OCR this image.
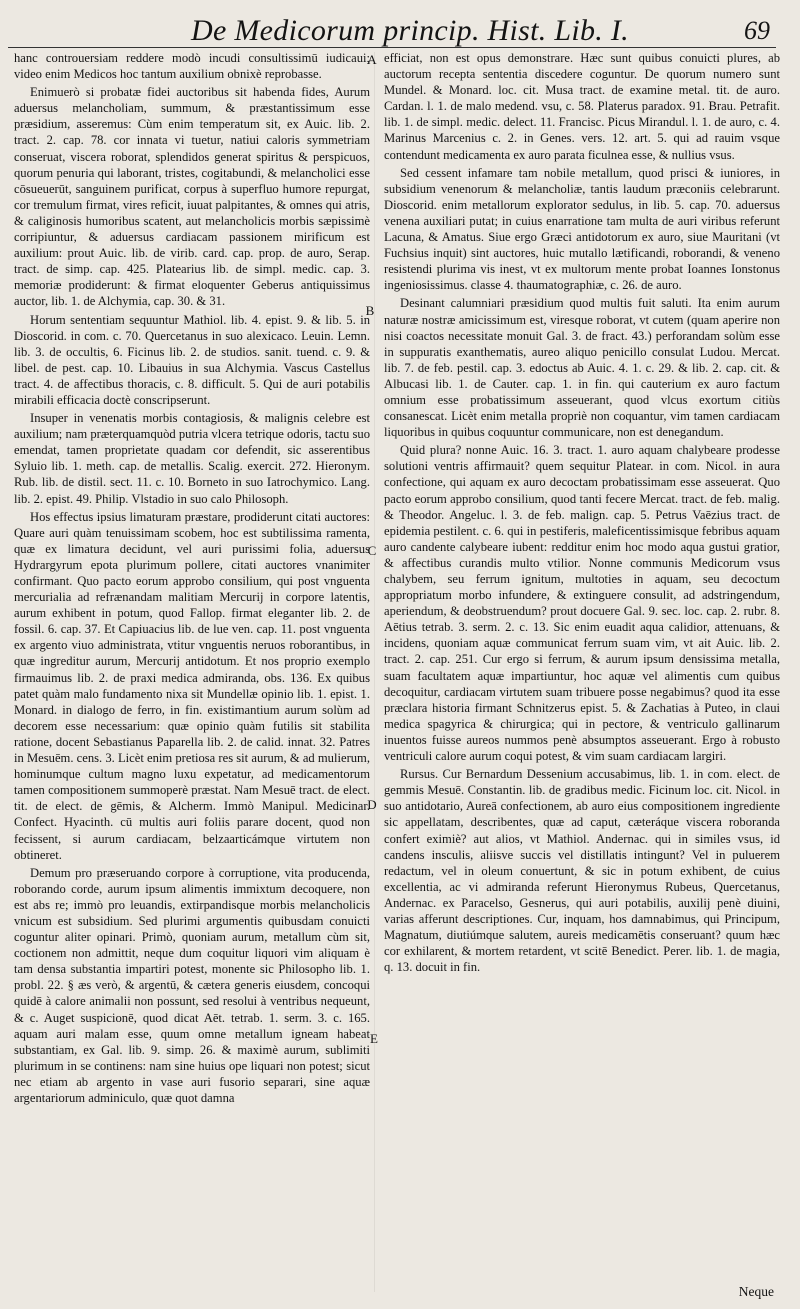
De Medicorum princip. Hist. Lib. I.	69

hanc controuersiam reddere modò incudi consultissimū iudicaui; video enim Medicos hoc tantum auxilium obnixè reprobasse.

Enimuerò si probatæ fidei auctoribus sit habenda fides, Aurum aduersus melancholiam, summum, & præstantissimum esse præsidium, asseremus: Cùm enim temperatum sit, ex Auic. lib. 2. tract. 2. cap. 78. cor innata vi tuetur, natiui caloris symmetriam conseruat, viscera roborat, splendidos generat spiritus & perspicuos, quorum penuria qui laborant, tristes, cogitabundi, & melancholici esse cōsueuerūt, sanguinem purificat, corpus à superfluo humore repurgat, cor tremulum firmat, vires reficit, iuuat palpitantes, & omnes qui atris, & caliginosis humoribus scatent, aut melancholicis morbis sæpissimè corripiuntur, & aduersus cardiacam passionem mirificum est auxilium: prout Auic. lib. de virib. card. cap. prop. de auro, Serap. tract. de simp. cap. 425. Platearius lib. de simpl. medic. cap. 3. memoriæ prodiderunt: & firmat eloquenter Geberus antiquissimus auctor, lib. 1. de Alchymia, cap. 30. & 31.

Horum sententiam sequuntur Mathiol. lib. 4. epist. 9. & lib. 5. in Dioscorid. in com. c. 70. Quercetanus in suo alexicaco. Leuin. Lemn. lib. 3. de occultis, 6. Ficinus lib. 2. de studios. sanit. tuend. c. 9. & libel. de pest. cap. 10. Libauius in sua Alchymia. Vascus Castellus tract. 4. de affectibus thoracis, c. 8. difficult. 5. Qui de auri potabilis mirabili efficacia doctè conscripserunt.

Insuper in venenatis morbis contagiosis, & malignis celebre est auxilium; nam præterquamquòd putria vlcera tetrique odoris, tactu suo emendat, tamen proprietate quadam cor defendit, sic asserentibus Syluio lib. 1. meth. cap. de metallis. Scalig. exercit. 272. Hieronym. Rub. lib. de distil. sect. 11. c. 10. Borneto in suo Iatrochymico. Lang. lib. 2. epist. 49. Philip. Vlstadio in suo calo Philosoph.

Hos effectus ipsius limaturam præstare, prodiderunt citati auctores: Quare auri quàm tenuissimam scobem, hoc est subtilissima ramenta, quæ ex limatura decidunt, vel auri purissimi folia, aduersus Hydrargyrum epota plurimum pollere, citati auctores vnanimiter confirmant. Quo pacto eorum approbo consilium, qui post vnguenta mercurialia ad refrænandam malitiam Mercurij in corpore latentis, aurum exhibent in potum, quod Fallop. firmat eleganter lib. 2. de fossil. 6. cap. 37. Et Capiuacius lib. de lue ven. cap. 11. post vnguenta ex argento viuo administrata, vtitur vnguentis neruos roborantibus, in quæ ingreditur aurum, Mercurij antidotum. Et nos proprio exemplo firmauimus lib. 2. de praxi medica admiranda, obs. 136. Ex quibus patet quàm malo fundamento nixa sit Mundellæ opinio lib. 1. epist. 1. Monard. in dialogo de ferro, in fin. existimantium aurum solùm ad decorem esse necessarium: quæ opinio quàm futilis sit stabilita ratione, docent Sebastianus Paparella lib. 2. de calid. innat. 32. Patres in Mesuēm. cens. 3. Licèt enim pretiosa res sit aurum, & ad mulierum, hominumque cultum magno luxu expetatur, ad medicamentorum tamen compositionem summoperè præstat. Nam Mesuē tract. de elect. tit. de elect. de gēmis, & Alcherm. Immò Manipul. Medicinar. Confect. Hyacinth. cū multis auri foliis parare docent, quod non fecissent, si aurum cardiacam, belzaarticámque virtutem non obtineret.

Demum pro præseruando corpore à corruptione, vita producenda, roborando corde, aurum ipsum alimentis immixtum decoquere, non est abs re; immò pro leuandis, extirpandisque morbis melancholicis vnicum est subsidium. Sed plurimi argumentis quibusdam conuicti coguntur aliter opinari. Primò, quoniam aurum, metallum cùm sit, coctionem non admittit, neque dum coquitur liquori vim aliquam è tam densa substantia impartiri potest, monente sic Philosopho lib. 1. probl. 22. § æs verò, & argentū, & cætera generis eiusdem, concoqui quidē à calore animalii non possunt, sed resolui à ventribus nequeunt, & c. Auget suspicionē, quod dicat Aēt. tetrab. 1. serm. 3. c. 165. aquam auri malam esse, quum omne metallum igneam habeat substantiam, ex Gal. lib. 9. simp. 26. & maximè aurum, sublimiti plurimum in se continens: nam sine huius ope liquari non potest; sicut nec etiam ab argento in vase auri fusorio separari, sine aquæ argentariorum adminiculo, quæ quot damna

efficiat, non est opus demonstrare. Hæc sunt quibus conuicti plures, ab auctorum recepta sententia discedere coguntur. De quorum numero sunt Mundel. & Monard. loc. cit. Musa tract. de examine metal. tit. de auro. Cardan. l. 1. de malo medend. vsu, c. 58. Platerus paradox. 91. Brau. Petrafit. lib. 1. de simpl. medic. delect. 11. Francisc. Picus Mirandul. l. 1. de auro, c. 4. Marinus Marcenius c. 2. in Genes. vers. 12. art. 5. qui ad rauim vsque contendunt medicamenta ex auro parata ficulnea esse, & nullius vsus.

Sed cessent infamare tam nobile metallum, quod prisci & iuniores, in subsidium venenorum & melancholiæ, tantis laudum præconiis celebrarunt. Dioscorid. enim metallorum explorator sedulus, in lib. 5. cap. 70. aduersus venena auxiliari putat; in cuius enarratione tam multa de auri viribus referunt Lacuna, & Amatus. Siue ergo Græci antidotorum ex auro, siue Mauritani (vt Fuchsius inquit) sint auctores, huic mutallo lætificandi, roborandi, & veneno resistendi plurima vis inest, vt ex multorum mente probat Ioannes Ionstonus ingeniosissimus. classe 4. thaumatographiæ, c. 26. de auro.

Desinant calumniari præsidium quod multis fuit saluti. Ita enim aurum naturæ nostræ amicissimum est, viresque roborat, vt cutem (quam aperire non nisi coactos necessitate monuit Gal. 3. de fract. 43.) perforandam solùm esse in suppuratis exanthematis, aureo aliquo penicillo consulat Ludou. Mercat. lib. 7. de feb. pestil. cap. 3. edoctus ab Auic. 4. 1. c. 29. & lib. 2. cap. cit. & Albucasi lib. 1. de Cauter. cap. 1. in fin. qui cauterium ex auro factum omnium esse probatissimum asseuerant, quod vlcus exortum citiùs consanescat. Licèt enim metalla propriè non coquantur, vim tamen cardiacam liquoribus in quibus coquuntur communicare, non est denegandum.

Quid plura? nonne Auic. 16. 3. tract. 1. auro aquam chalybeare prodesse solutioni ventris affirmauit? quem sequitur Platear. in com. Nicol. in aura confectione, qui aquam ex auro decoctam probatissimam esse asseuerat. Quo pacto eorum approbo consilium, quod tanti fecere Mercat. tract. de feb. malig. & Theodor. Angeluc. l. 3. de feb. malign. cap. 5. Petrus Vaēzius tract. de epidemia pestilent. c. 6. qui in pestiferis, maleficentissimisque febribus aquam auro candente calybeare iubent: redditur enim hoc modo aqua gustui gratior, & affectibus curandis multo vtilior. Nonne communis Medicorum vsus chalybem, seu ferrum ignitum, multoties in aquam, seu decoctum appropriatum morbo infundere, & extinguere consulit, ad adstringendum, aperiendum, & deobstruendum? prout docuere Gal. 9. sec. loc. cap. 2. rubr. 8. Aētius tetrab. 3. serm. 2. c. 13. Sic enim euadit aqua calidior, attenuans, & incidens, quoniam aquæ communicat ferrum suam vim, vt ait Auic. lib. 2. tract. 2. cap. 251. Cur ergo si ferrum, & aurum ipsum densissima metalla, suam facultatem aquæ impartiuntur, hoc aquæ vel alimentis cum quibus decoquitur, cardiacam virtutem suam tribuere posse negabimus? quod ita esse præclara historia firmant Schnitzerus epist. 5. & Zachatias à Puteo, in claui medica spagyrica & chirurgica; qui in pectore, & ventriculo gallinarum inuentos fuisse aureos nummos penè absumptos asseuerant. Ergo à robusto ventriculi calore aurum coqui potest, & vim suam cardiacam largiri.

Rursus. Cur Bernardum Dessenium accusabimus, lib. 1. in com. elect. de gemmis Mesuē. Constantin. lib. de gradibus medic. Ficinum loc. cit. Nicol. in suo antidotario, Aureā confectionem, ab auro eius compositionem ingrediente sic appellatam, describentes, quæ ad caput, cæteráque viscera roboranda confert eximiè? aut alios, vt Mathiol. Andernac. qui in similes vsus, id candens insculis, aliisve succis vel distillatis intingunt? Vel in puluerem redactum, vel in oleum conuertunt, & sic in potum exhibent, de cuius excellentia, ac vi admiranda referunt Hieronymus Rubeus, Quercetanus, Andernac. ex Paracelso, Gesnerus, qui auri potabilis, auxilij penè diuini, varias afferunt descriptiones. Cur, inquam, hos damnabimus, qui Principum, Magnatum, diutiúmque salutem, aureis medicamētis conseruant? quum hæc cor exhilarent, & mortem retardent, vt scitē Benedict. Perer. lib. 1. de magia, q. 13. docuit in fin.

A
B
C
D
E
Neque
